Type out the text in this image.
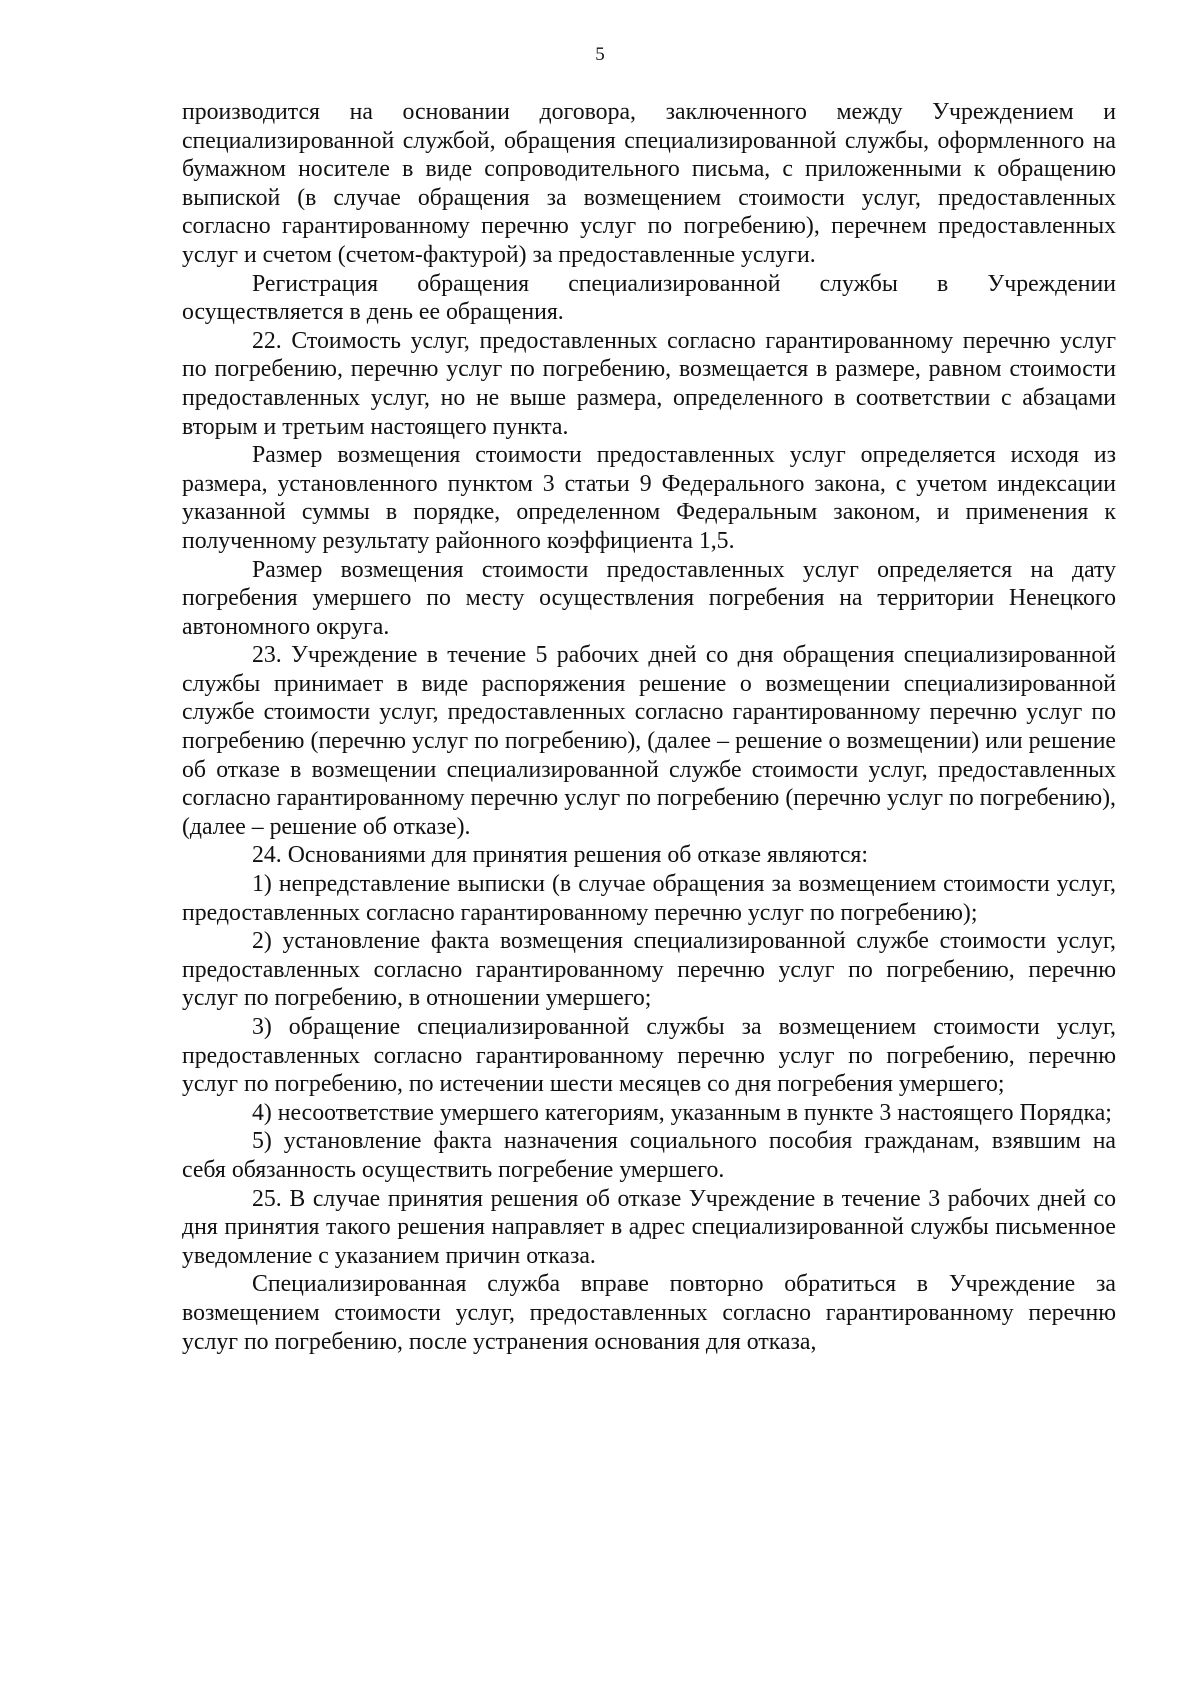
5

производится на основании договора, заключенного между Учреждением и специализированной службой, обращения специализированной службы, оформленного на бумажном носителе в виде сопроводительного письма, с приложенными к обращению выпиской (в случае обращения за возмещением стоимости услуг, предоставленных согласно гарантированному перечню услуг по погребению), перечнем предоставленных услуг и счетом (счетом-фактурой) за предоставленные услуги.

Регистрация обращения специализированной службы в Учреждении осуществляется в день ее обращения.

22. Стоимость услуг, предоставленных согласно гарантированному перечню услуг по погребению, перечню услуг по погребению, возмещается в размере, равном стоимости предоставленных услуг, но не выше размера, определенного в соответствии с абзацами вторым и третьим настоящего пункта.

Размер возмещения стоимости предоставленных услуг определяется исходя из размера, установленного пунктом 3 статьи 9 Федерального закона, с учетом индексации указанной суммы в порядке, определенном Федеральным законом, и применения к полученному результату районного коэффициента 1,5.

Размер возмещения стоимости предоставленных услуг определяется на дату погребения умершего по месту осуществления погребения на территории Ненецкого автономного округа.

23. Учреждение в течение 5 рабочих дней со дня обращения специализированной службы принимает в виде распоряжения решение о возмещении специализированной службе стоимости услуг, предоставленных согласно гарантированному перечню услуг по погребению (перечню услуг по погребению), (далее – решение о возмещении) или решение об отказе в возмещении специализированной службе стоимости услуг, предоставленных согласно гарантированному перечню услуг по погребению (перечню услуг по погребению), (далее – решение об отказе).

24. Основаниями для принятия решения об отказе являются:

1) непредставление выписки (в случае обращения за возмещением стоимости услуг, предоставленных согласно гарантированному перечню услуг по погребению);

2) установление факта возмещения специализированной службе стоимости услуг, предоставленных согласно гарантированному перечню услуг по погребению, перечню услуг по погребению, в отношении умершего;

3) обращение специализированной службы за возмещением стоимости услуг, предоставленных согласно гарантированному перечню услуг по погребению, перечню услуг по погребению, по истечении шести месяцев со дня погребения умершего;

4) несоответствие умершего категориям, указанным в пункте 3 настоящего Порядка;

5) установление факта назначения социального пособия гражданам, взявшим на себя обязанность осуществить погребение умершего.

25. В случае принятия решения об отказе Учреждение в течение 3 рабочих дней со дня принятия такого решения направляет в адрес специализированной службы письменное уведомление с указанием причин отказа.

Специализированная служба вправе повторно обратиться в Учреждение за возмещением стоимости услуг, предоставленных согласно гарантированному перечню услуг по погребению, после устранения основания для отказа,
